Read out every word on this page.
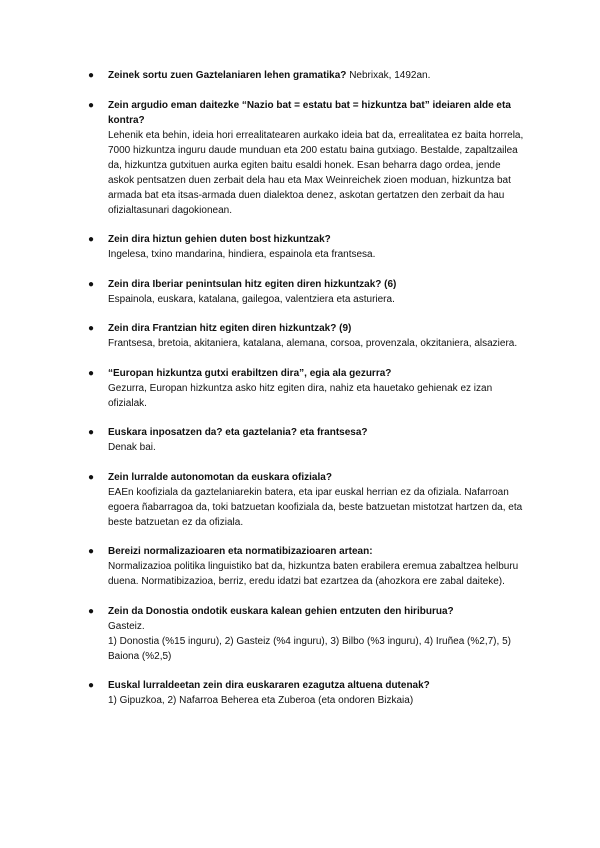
● Zeinek sortu zuen Gaztelaniaren lehen gramatika? Nebrixak, 1492an.
● Zein argudio eman daitezke “Nazio bat = estatu bat = hizkuntza bat” ideiaren alde eta kontra?
Lehenik eta behin, ideia hori errealitatearen aurkako ideia bat da, errealitatea ez baita horrela, 7000 hizkuntza inguru daude munduan eta 200 estatu baina gutxiago. Bestalde, zapaltzailea da, hizkuntza gutxituen aurka egiten baitu esaldi honek. Esan beharra dago ordea, jende askok pentsatzen duen zerbait dela hau eta Max Weinreichek zioen moduan, hizkuntza bat armada bat eta itsas-armada duen dialektoa denez, askotan gertatzen den zerbait da hau ofizialtasunari dagokionean.
● Zein dira hiztun gehien duten bost hizkuntzak?
Ingelesa, txino mandarina, hindiera, espainola eta frantsesa.
● Zein dira Iberiar penintsulan hitz egiten diren hizkuntzak? (6)
Espainola, euskara, katalana, gailegoa, valentziera eta asturiera.
● Zein dira Frantzian hitz egiten diren hizkuntzak? (9)
Frantsesa, bretoia, akitaniera, katalana, alemana, corsoa, provenzala, okzitaniera, alsaziera.
● “Europan hizkuntza gutxi erabiltzen dira”, egia ala gezurra?
Gezurra, Europan hizkuntza asko hitz egiten dira, nahiz eta hauetako gehienak ez izan ofizialak.
● Euskara inposatzen da? eta gaztelania? eta frantsesa?
Denak bai.
● Zein lurralde autonomotan da euskara ofiziala?
EAEn koofiziala da gaztelaniarekin batera, eta ipar euskal herrian ez da ofiziala. Nafarroan egoera ñabarragoa da, toki batzuetan koofiziala da, beste batzuetan mistotzat hartzen da, eta beste batzuetan ez da ofiziala.
● Bereizi normalizazioaren eta normatibizazioaren artean:
Normalizazioa politika linguistiko bat da, hizkuntza baten erabilera eremua zabaltzea helburu duena. Normatibizazioa, berriz, eredu idatzi bat ezartzea da (ahozkora ere zabal daiteke).
● Zein da Donostia ondotik euskara kalean gehien entzuten den hiriburua?
Gasteiz.
1) Donostia (%15 inguru), 2) Gasteiz (%4 inguru), 3) Bilbo (%3 inguru), 4) Iruñea (%2,7), 5) Baiona (%2,5)
● Euskal lurraldeetan zein dira euskararen ezagutza altuena dutenak?
1) Gipuzkoa, 2) Nafarroa Beherea eta Zuberoa (eta ondoren Bizkaia)
